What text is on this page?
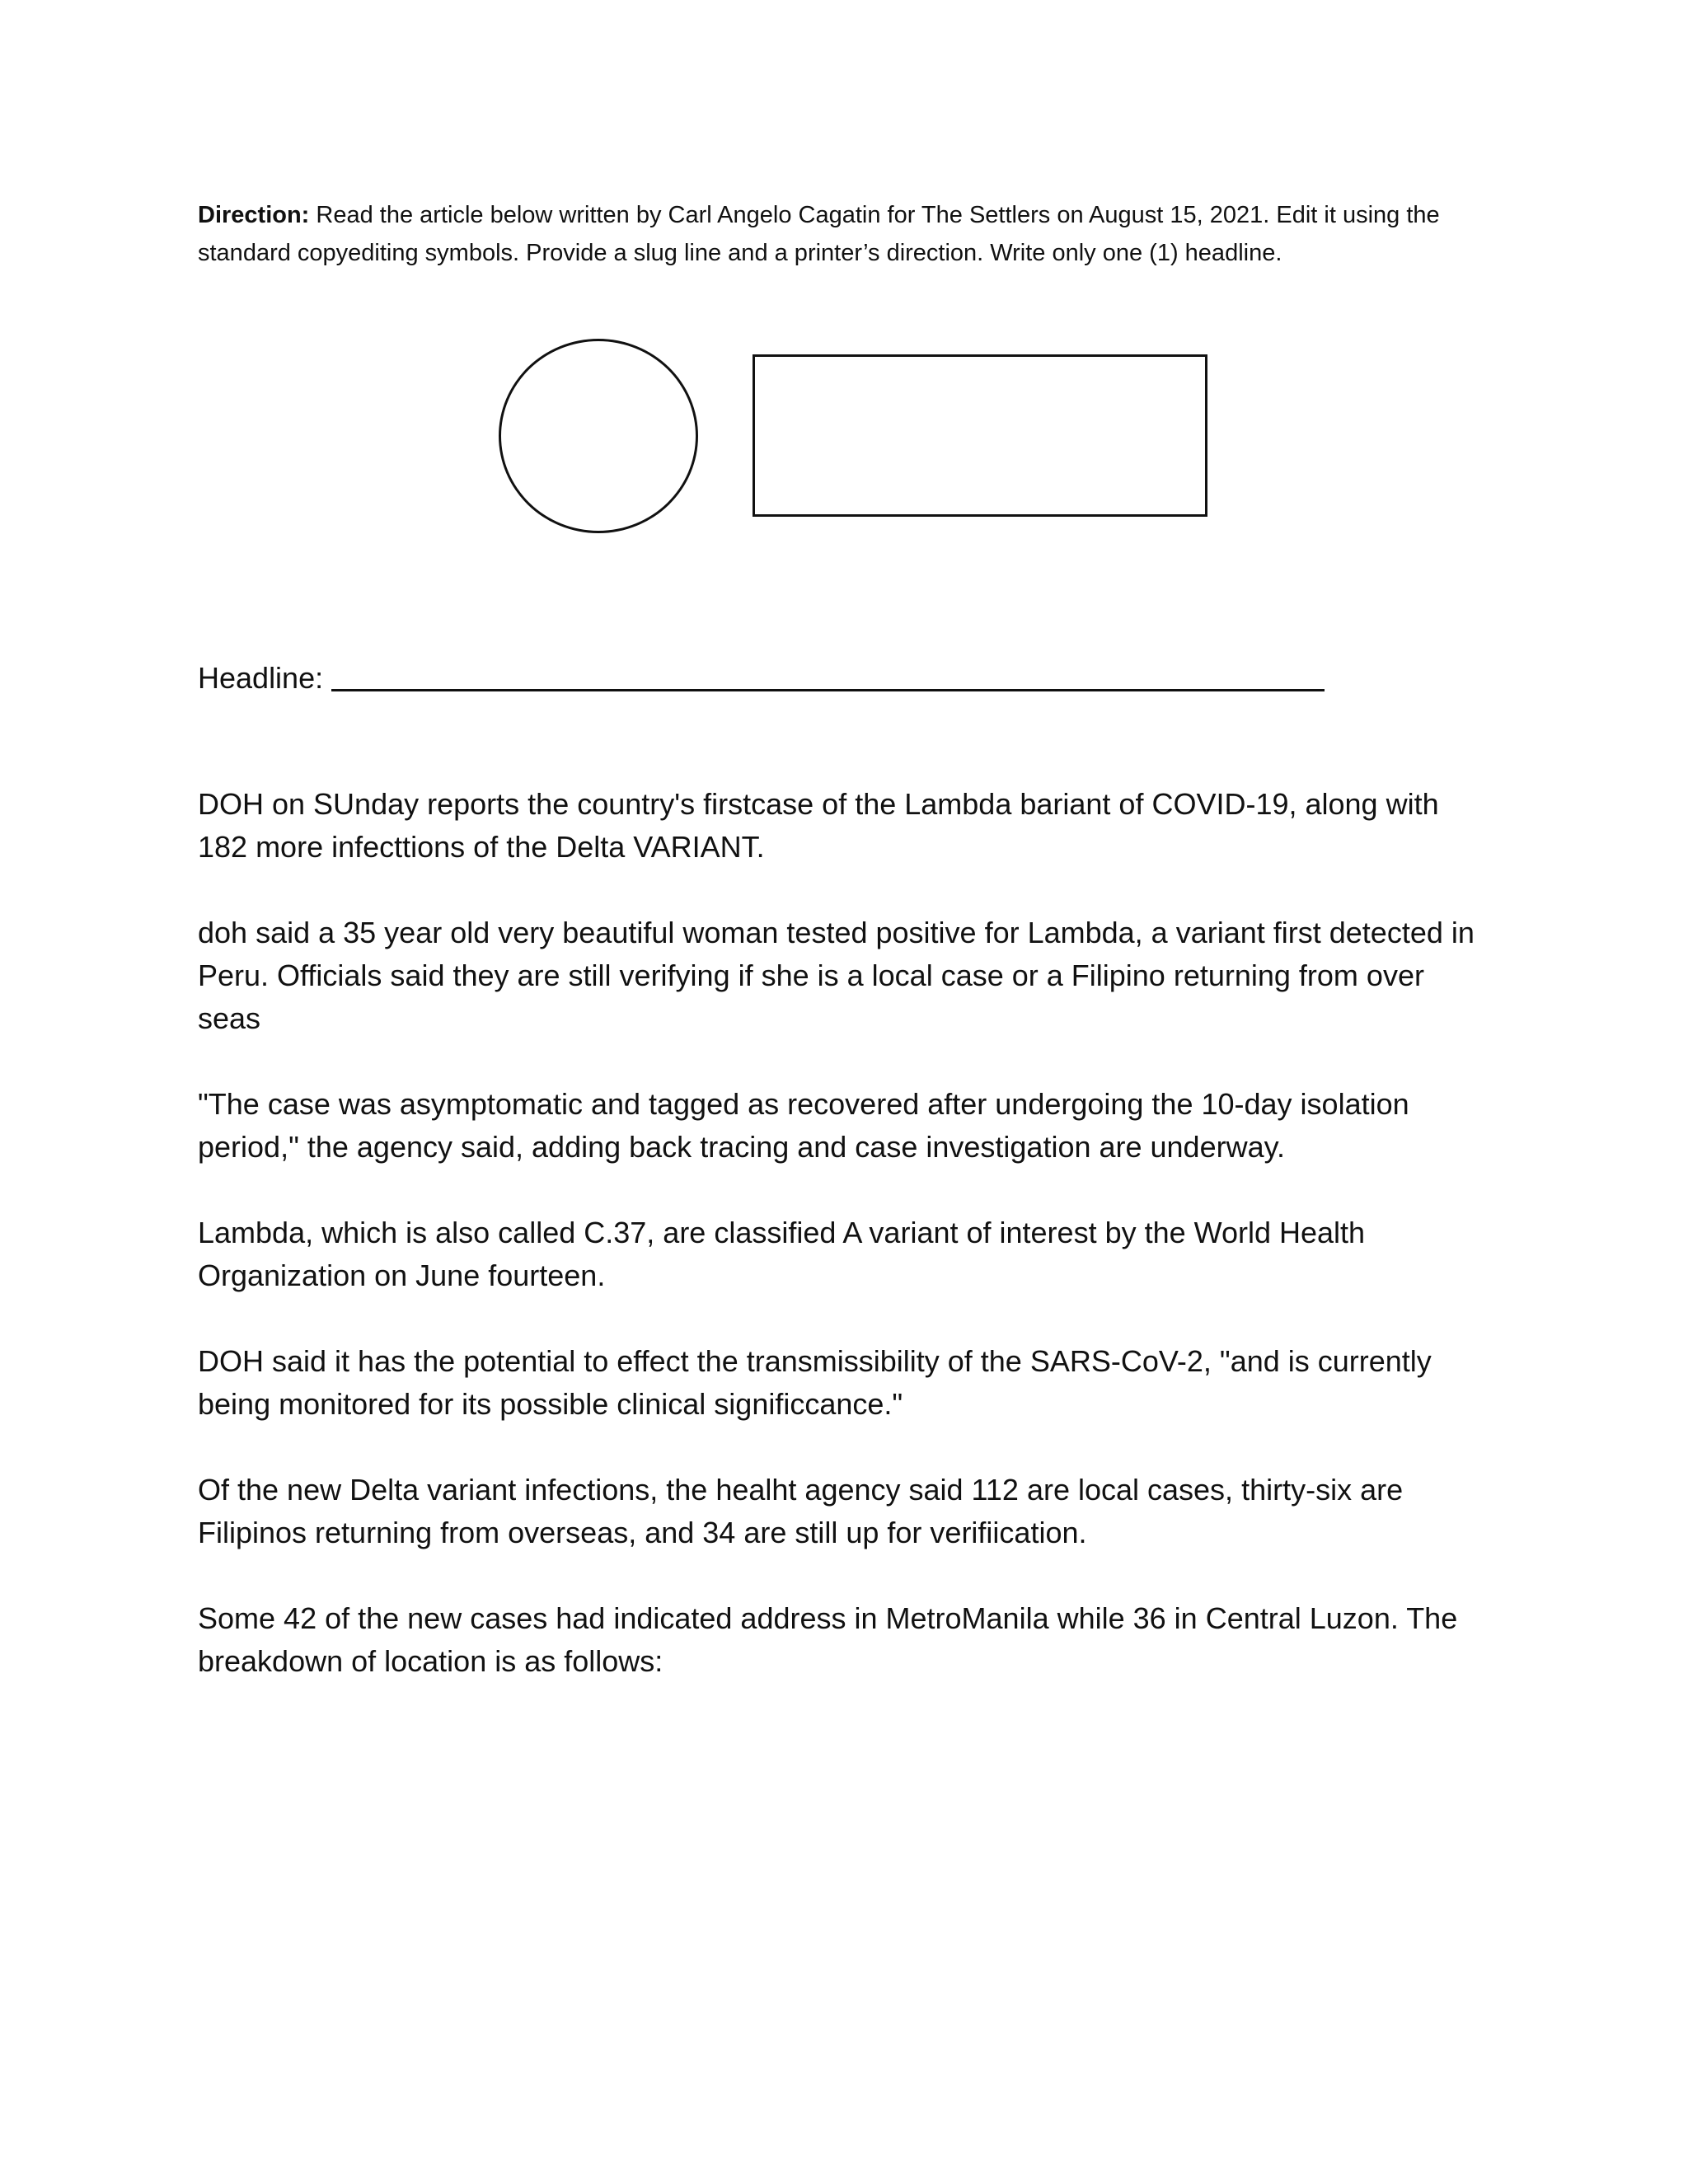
Direction: Read the article below written by Carl Angelo Cagatin for The Settlers on August 15, 2021. Edit it using the standard copyediting symbols. Provide a slug line and a printer’s direction. Write only one (1) headline.
Headline:

DOH on SUnday reports the country's firstcase of the Lambda bariant of COVID-19, along with 182 more infecttions of the Delta VARIANT.

doh said a 35 year old very beautiful woman tested positive for Lambda, a variant first detected in Peru. Officials said they are still verifying if she is a local case or a Filipino returning from over seas

"The case was asymptomatic and tagged as recovered after undergoing the 10-day isolation period," the agency said, adding back tracing and case investigation are underway.

Lambda, which is also called C.37, are classified A variant of interest by the World Health Organization on June fourteen.

DOH said it has the potential to effect the transmissibility of the SARS-CoV-2, "and is currently being monitored for its possible clinical significcance."

Of the new Delta variant infections, the healht agency said 112 are local cases, thirty-six are Filipinos returning from overseas, and 34 are still up for verifiication.

Some 42 of the new cases had indicated address in MetroManila while 36 in Central Luzon. The breakdown of location is as follows:
